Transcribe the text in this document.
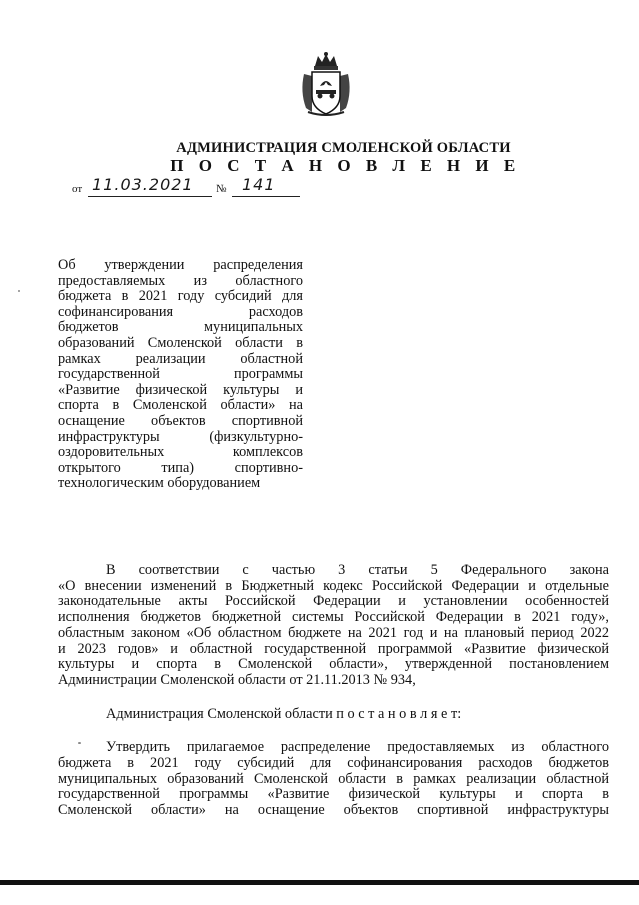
АДМИНИСТРАЦИЯ СМОЛЕНСКОЙ ОБЛАСТИ
П О С Т А Н О В Л Е Н И Е
от 11.03.2021 № 141
Об утверждении распределения
предоставляемых из областного
бюджета в 2021 году субсидий для
софинансирования расходов
бюджетов муниципальных
образований Смоленской области в
рамках реализации областной
государственной программы
«Развитие физической культуры и
спорта в Смоленской области» на
оснащение объектов спортивной
инфраструктуры (физкультурно-
оздоровительных комплексов
открытого типа) спортивно-
технологическим оборудованием
В соответствии с частью 3 статьи 5 Федерального закона
«О внесении изменений в Бюджетный кодекс Российской Федерации и отдельные
законодательные акты Российской Федерации и установлении особенностей
исполнения бюджетов бюджетной системы Российской Федерации в 2021 году»,
областным законом «Об областном бюджете на 2021 год и на плановый период 2022
и 2023 годов» и областной государственной программой «Развитие физической
культуры и спорта в Смоленской области», утвержденной постановлением
Администрации Смоленской области от 21.11.2013 № 934,
Администрация Смоленской области п о с т а н о в л я е т:
Утвердить прилагаемое распределение предоставляемых из областного
бюджета в 2021 году субсидий для софинансирования расходов бюджетов
муниципальных образований Смоленской области в рамках реализации областной
государственной программы «Развитие физической культуры и спорта в
Смоленской области» на оснащение объектов спортивной инфраструктуры
